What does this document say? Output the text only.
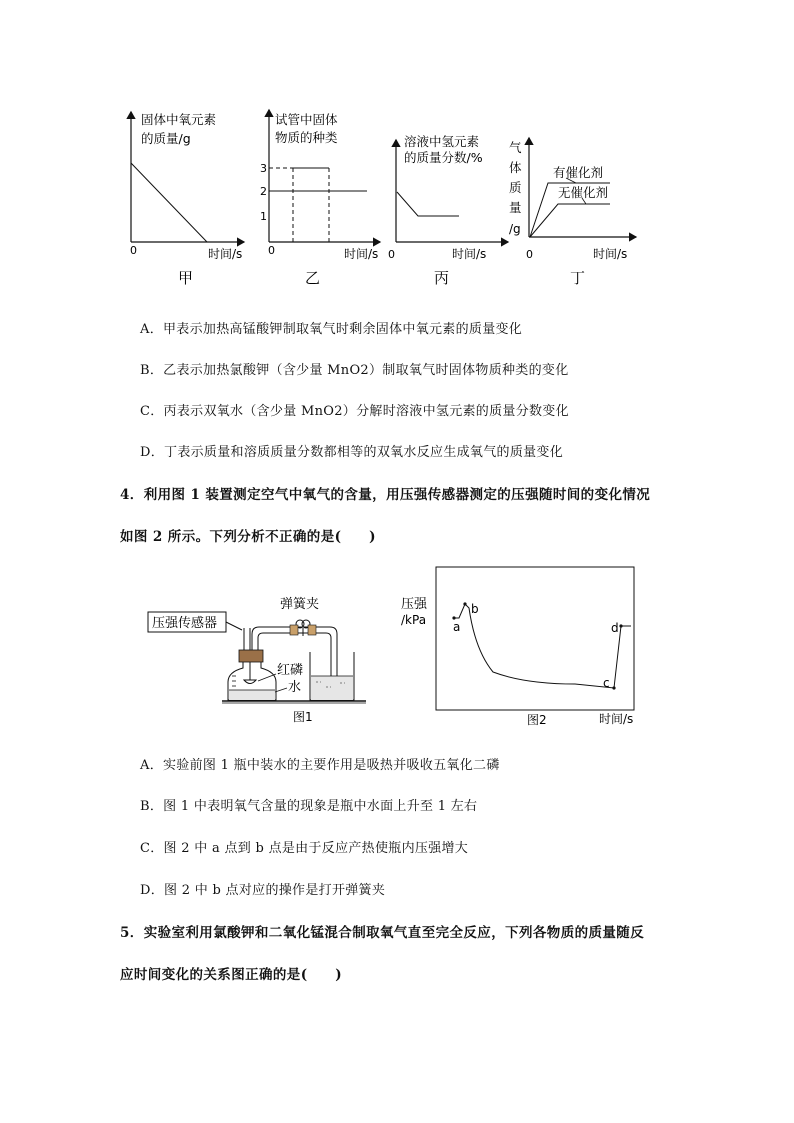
固体中氧元素
的质量/g
0	时间/s
甲
3
2
1
试管中固体
物质的种类
0	时间/s
乙
溶液中氢元素
的质量分数/%
0	时间/s
丙
气
体
质
量
/g
有催化剂
无催化剂
0	时间/s
丁
A．甲表示加热高锰酸钾制取氧气时剩余固体中氧元素的质量变化
B．乙表示加热氯酸钾（含少量 MnO2）制取氧气时固体物质种类的变化
C．丙表示双氧水（含少量 MnO2）分解时溶液中氢元素的质量分数变化
D．丁表示质量和溶质质量分数都相等的双氧水反应生成氧气的质量变化
4．利用图 1 装置测定空气中氧气的含量，用压强传感器测定的压强随时间的变化情况
如图 2 所示。下列分析不正确的是(　　)
压强传感器
弹簧夹
红磷
水
图1
压强
/kPa a
b
c
d
时间/s
图2
A．实验前图 1 瓶中装水的主要作用是吸热并吸收五氧化二磷
B．图 1 中表明氧气含量的现象是瓶中水面上升至 1 左右
C．图 2 中 a 点到 b 点是由于反应产热使瓶内压强增大
D．图 2 中 b 点对应的操作是打开弹簧夹
5．实验室利用氯酸钾和二氧化锰混合制取氧气直至完全反应，下列各物质的质量随反
应时间变化的关系图正确的是(　　)
